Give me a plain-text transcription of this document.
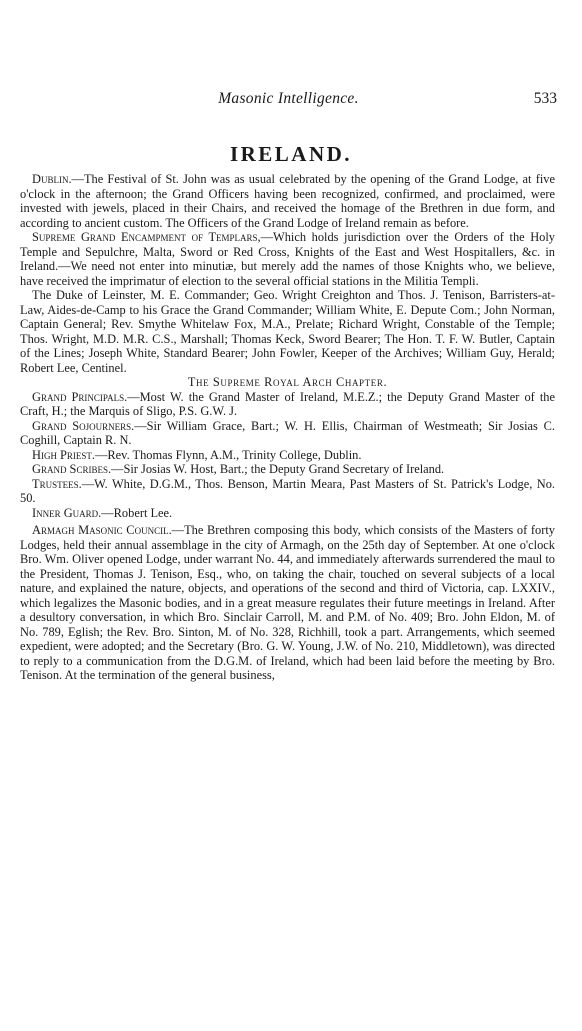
Masonic Intelligence.	533
IRELAND.

Dublin.—The Festival of St. John was as usual celebrated by the opening of the Grand Lodge, at five o'clock in the afternoon; the Grand Officers having been recognized, confirmed, and proclaimed, were invested with jewels, placed in their Chairs, and received the homage of the Brethren in due form, and according to ancient custom. The Officers of the Grand Lodge of Ireland remain as before.

Supreme Grand Encampment of Templars,—Which holds jurisdiction over the Orders of the Holy Temple and Sepulchre, Malta, Sword or Red Cross, Knights of the East and West Hospitallers, &c. in Ireland.—We need not enter into minutiæ, but merely add the names of those Knights who, we believe, have received the imprimatur of election to the several official stations in the Militia Templi.

The Duke of Leinster, M. E. Commander; Geo. Wright Creighton and Thos. J. Tenison, Barristers-at-Law, Aides-de-Camp to his Grace the Grand Commander; William White, E. Depute Com.; John Norman, Captain General; Rev. Smythe Whitelaw Fox, M.A., Prelate; Richard Wright, Constable of the Temple; Thos. Wright, M.D. M.R. C.S., Marshall; Thomas Keck, Sword Bearer; The Hon. T. F. W. Butler, Captain of the Lines; Joseph White, Standard Bearer; John Fowler, Keeper of the Archives; William Guy, Herald; Robert Lee, Centinel.

The Supreme Royal Arch Chapter.

Grand Principals.—Most W. the Grand Master of Ireland, M.E.Z.; the Deputy Grand Master of the Craft, H.; the Marquis of Sligo, P.S. G.W. J.

Grand Sojourners.—Sir William Grace, Bart.; W. H. Ellis, Chairman of Westmeath; Sir Josias C. Coghill, Captain R. N.

High Priest.—Rev. Thomas Flynn, A.M., Trinity College, Dublin.

Grand Scribes.—Sir Josias W. Host, Bart.; the Deputy Grand Secretary of Ireland.

Trustees.—W. White, D.G.M., Thos. Benson, Martin Meara, Past Masters of St. Patrick's Lodge, No. 50.

Inner Guard.—Robert Lee.

Armagh Masonic Council.—The Brethren composing this body, which consists of the Masters of forty Lodges, held their annual assemblage in the city of Armagh, on the 25th day of September. At one o'clock Bro. Wm. Oliver opened Lodge, under warrant No. 44, and immediately afterwards surrendered the maul to the President, Thomas J. Tenison, Esq., who, on taking the chair, touched on several subjects of a local nature, and explained the nature, objects, and operations of the second and third of Victoria, cap. LXXIV., which legalizes the Masonic bodies, and in a great measure regulates their future meetings in Ireland. After a desultory conversation, in which Bro. Sinclair Carroll, M. and P.M. of No. 409; Bro. John Eldon, M. of No. 789, Eglish; the Rev. Bro. Sinton, M. of No. 328, Richhill, took a part. Arrangements, which seemed expedient, were adopted; and the Secretary (Bro. G. W. Young, J.W. of No. 210, Middletown), was directed to reply to a communication from the D.G.M. of Ireland, which had been laid before the meeting by Bro. Tenison. At the termination of the general business,
